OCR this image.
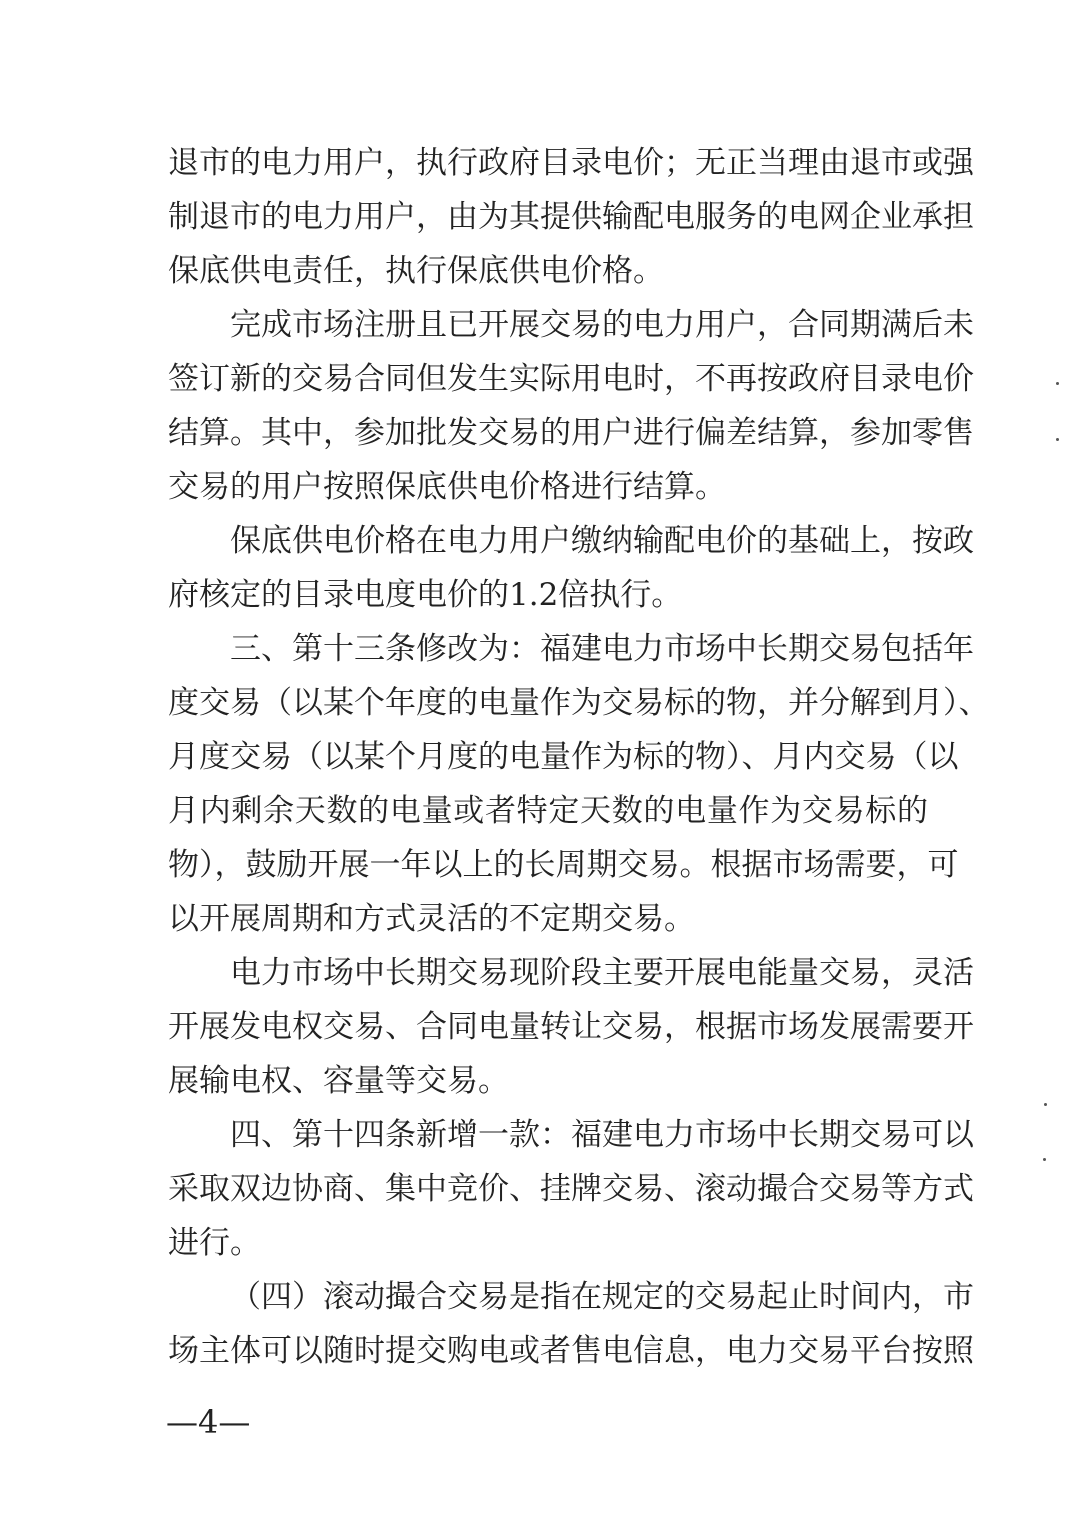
退市的电力用户，执行政府目录电价；无正当理由退市或强
制退市的电力用户，由为其提供输配电服务的电网企业承担
保底供电责任，执行保底供电价格。
完成市场注册且已开展交易的电力用户，合同期满后未
签订新的交易合同但发生实际用电时，不再按政府目录电价
结算。其中，参加批发交易的用户进行偏差结算，参加零售
交易的用户按照保底供电价格进行结算。
保底供电价格在电力用户缴纳输配电价的基础上，按政
府核定的目录电度电价的1.2倍执行。
三、第十三条修改为：福建电力市场中长期交易包括年
度交易（以某个年度的电量作为交易标的物，并分解到月）、
月度交易（以某个月度的电量作为标的物）、月内交易（以
月内剩余天数的电量或者特定天数的电量作为交易标的
物），鼓励开展一年以上的长周期交易。根据市场需要，可
以开展周期和方式灵活的不定期交易。
电力市场中长期交易现阶段主要开展电能量交易，灵活
开展发电权交易、合同电量转让交易，根据市场发展需要开
展输电权、容量等交易。
四、第十四条新增一款：福建电力市场中长期交易可以
采取双边协商、集中竞价、挂牌交易、滚动撮合交易等方式
进行。
（四）滚动撮合交易是指在规定的交易起止时间内，市
场主体可以随时提交购电或者售电信息，电力交易平台按照
—4—
